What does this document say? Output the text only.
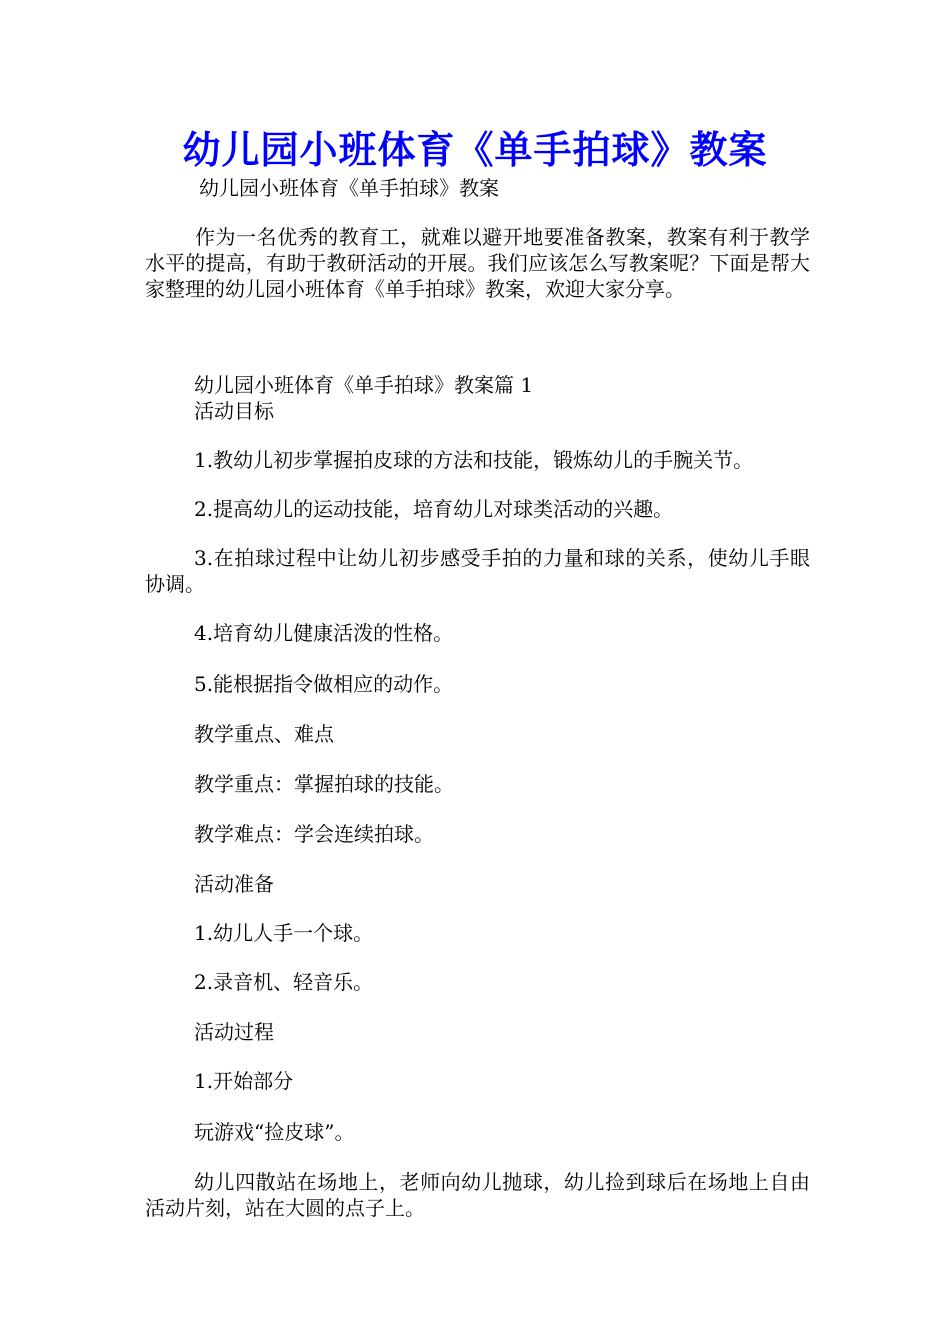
幼儿园小班体育《单手拍球》教案

幼儿园小班体育《单手拍球》教案

作为一名优秀的教育工，就难以避开地要准备教案，教案有利于教学水平的提高，有助于教研活动的开展。我们应该怎么写教案呢？下面是帮大家整理的幼儿园小班体育《单手拍球》教案，欢迎大家分享。

幼儿园小班体育《单手拍球》教案篇 1

活动目标

1.教幼儿初步掌握拍皮球的方法和技能，锻炼幼儿的手腕关节。

2.提高幼儿的运动技能，培育幼儿对球类活动的兴趣。

3.在拍球过程中让幼儿初步感受手拍的力量和球的关系，使幼儿手眼协调。

4.培育幼儿健康活泼的性格。

5.能根据指令做相应的动作。

教学重点、难点

教学重点：掌握拍球的技能。

教学难点：学会连续拍球。

活动准备

1.幼儿人手一个球。

2.录音机、轻音乐。

活动过程

1.开始部分

玩游戏“捡皮球”。

幼儿四散站在场地上，老师向幼儿抛球，幼儿捡到球后在场地上自由活动片刻，站在大圆的点子上。
